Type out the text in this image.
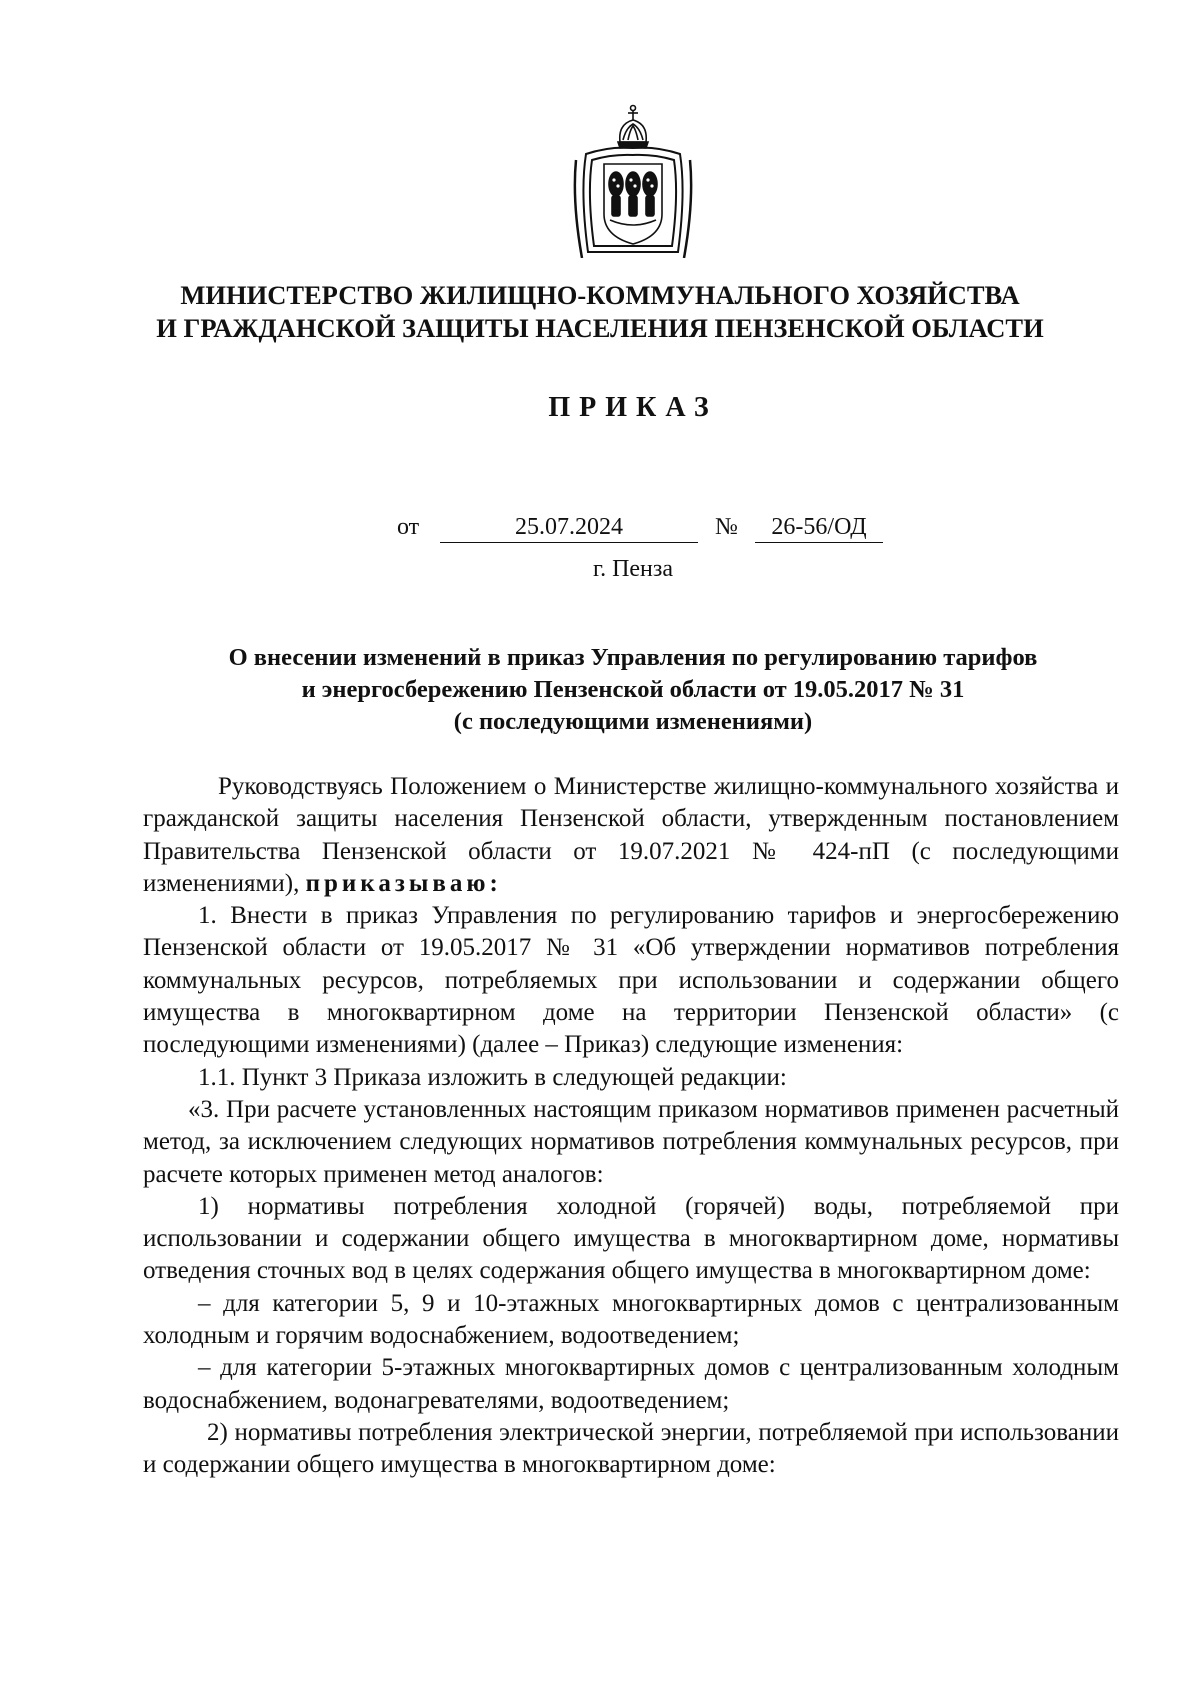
МИНИСТЕРСТВО ЖИЛИЩНО-КОММУНАЛЬНОГО ХОЗЯЙСТВА
И ГРАЖДАНСКОЙ ЗАЩИТЫ НАСЕЛЕНИЯ ПЕНЗЕНСКОЙ ОБЛАСТИ
ПРИКАЗ
от	25.07.2024	№	26-56/ОД
г. Пенза
О внесении изменений в приказ Управления по регулированию тарифов
и энергосбережению Пензенской области от 19.05.2017 № 31
(с последующими изменениями)

Руководствуясь Положением о Министерстве жилищно-коммунального хозяйства и гражданской защиты населения Пензенской области, утвержденным постановлением Правительства Пензенской области от 19.07.2021 № 424-пП (с последующими изменениями), приказываю:

1. Внести в приказ Управления по регулированию тарифов и энергосбережению Пензенской области от 19.05.2017 № 31 «Об утверждении нормативов потребления коммунальных ресурсов, потребляемых при использовании и содержании общего имущества в многоквартирном доме на территории Пензенской области» (с последующими изменениями) (далее – Приказ) следующие изменения:

1.1. Пункт 3 Приказа изложить в следующей редакции:

«3. При расчете установленных настоящим приказом нормативов применен расчетный метод, за исключением следующих нормативов потребления коммунальных ресурсов, при расчете которых применен метод аналогов:

1) нормативы потребления холодной (горячей) воды, потребляемой при использовании и содержании общего имущества в многоквартирном доме, нормативы отведения сточных вод в целях содержания общего имущества в многоквартирном доме:

– для категории 5, 9 и 10-этажных многоквартирных домов с централизованным холодным и горячим водоснабжением, водоотведением;

– для категории 5-этажных многоквартирных домов с централизованным холодным водоснабжением, водонагревателями, водоотведением;

2) нормативы потребления электрической энергии, потребляемой при использовании и содержании общего имущества в многоквартирном доме:
